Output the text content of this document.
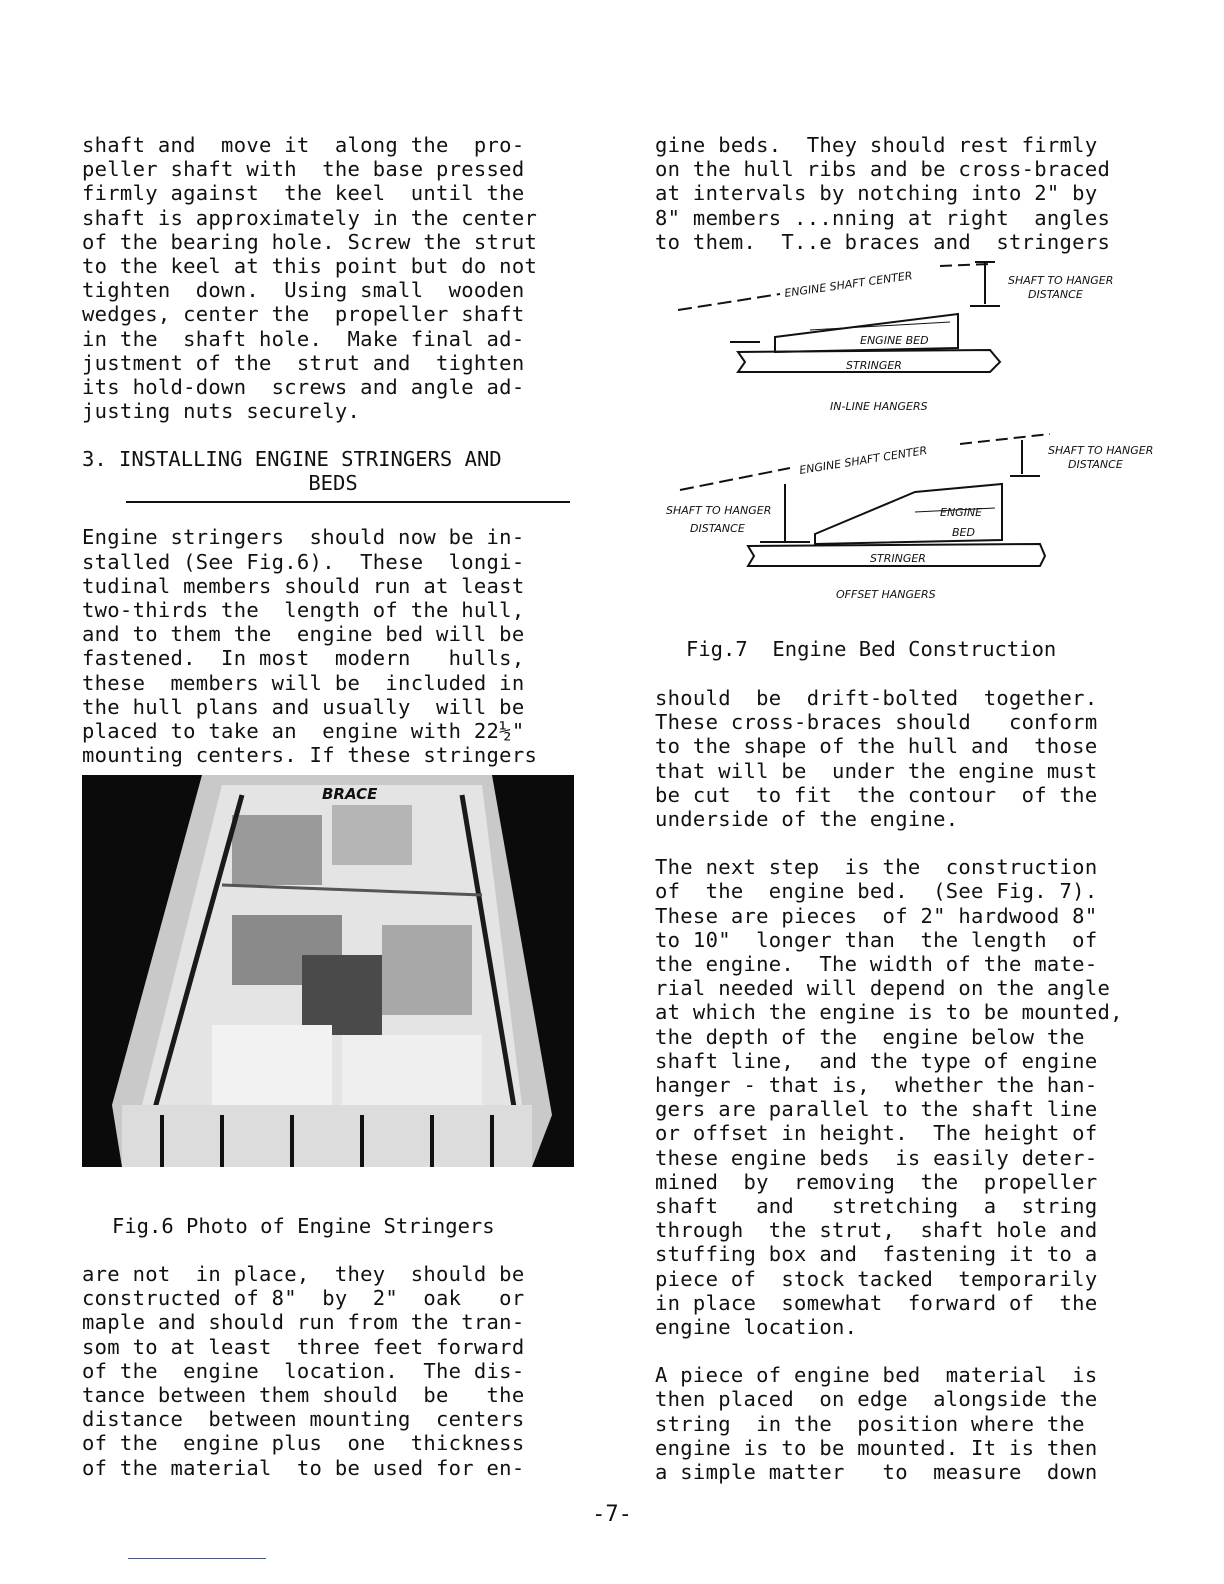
shaft and  move it  along the  pro-

peller shaft with  the base pressed

firmly against  the keel  until the

shaft is approximately in the center

of the bearing hole. Screw the strut

to the keel at this point but do not

tighten  down.  Using small  wooden

wedges, center the  propeller shaft

in the  shaft hole.  Make final ad-

justment of the  strut and  tighten

its hold-down  screws and angle ad-

justing nuts securely.

3. INSTALLING ENGINE STRINGERS AND
BEDS

Engine stringers  should now be in-

stalled (See Fig.6).  These  longi-

tudinal members should run at least

two-thirds the  length of the hull,

and to them the  engine bed will be

fastened.  In most  modern   hulls,

these  members will be  included in

the hull plans and usually  will be

placed to take an  engine with 22½"

mounting centers. If these stringers

BRACE
Fig.6 Photo of Engine Stringers

are not  in place,  they  should be

constructed of 8"  by  2"  oak   or

maple and should run from the tran-

som to at least  three feet forward

of the  engine  location.  The dis-

tance between them should  be   the

distance  between mounting  centers

of the  engine plus  one  thickness

of the material  to be used for en-

gine beds.  They should rest firmly

on the hull ribs and be cross-braced

at intervals by notching into 2" by

8" members ...nning at right  angles

to them.  T..e braces and  stringers

ENGINE SHAFT CENTER	SHAFT TO HANGER
DISTANCE
ENGINE BED
STRINGER
IN-LINE HANGERS
ENGINE SHAFT CENTER	SHAFT TO HANGER
DISTANCE
SHAFT TO HANGER
DISTANCE
ENGINE
BED
STRINGER
OFFSET HANGERS
Fig.7  Engine Bed Construction

should  be  drift-bolted  together.

These cross-braces should   conform

to the shape of the hull and  those

that will be  under the engine must

be cut  to fit  the contour  of the

underside of the engine.

The next step  is the  construction

of  the  engine bed.  (See Fig. 7).

These are pieces  of 2" hardwood 8"

to 10"  longer than  the length  of

the engine.  The width of the mate-

rial needed will depend on the angle

at which the engine is to be mounted,

the depth of the  engine below the

shaft line,  and the type of engine

hanger - that is,  whether the han-

gers are parallel to the shaft line

or offset in height.  The height of

these engine beds  is easily deter-

mined  by  removing  the  propeller

shaft   and   stretching  a  string

through  the strut,  shaft hole and

stuffing box and  fastening it to a

piece of  stock tacked  temporarily

in place  somewhat  forward of  the

engine location.

A piece of engine bed  material  is

then placed  on edge  alongside the

string  in the  position where the

engine is to be mounted. It is then

a simple matter   to  measure  down

-7-
